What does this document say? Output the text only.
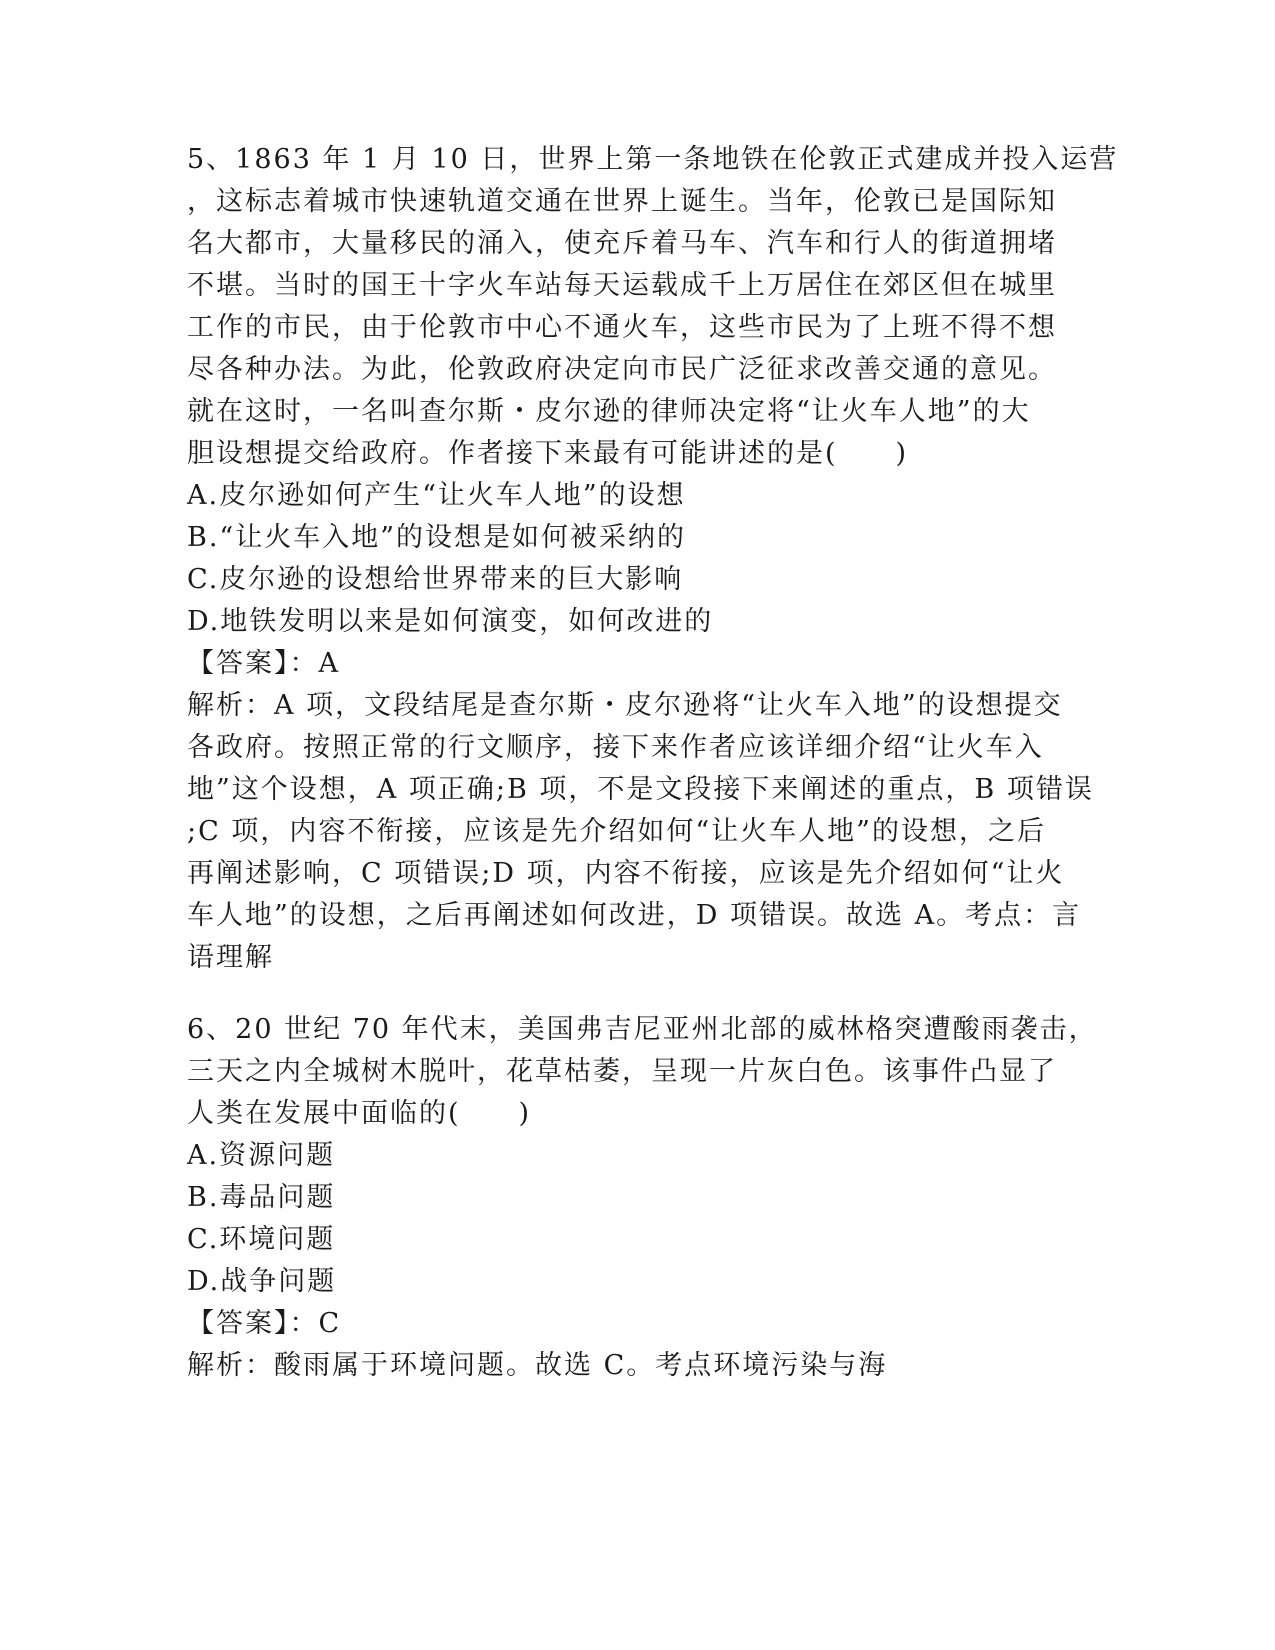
5、1863 年 1 月 10 日，世界上第一条地铁在伦敦正式建成并投入运营
，这标志着城市快速轨道交通在世界上诞生。当年，伦敦已是国际知
名大都市，大量移民的涌入，使充斥着马车、汽车和行人的街道拥堵
不堪。当时的国王十字火车站每天运载成千上万居住在郊区但在城里
工作的市民，由于伦敦市中心不通火车，这些市民为了上班不得不想
尽各种办法。为此，伦敦政府决定向市民广泛征求改善交通的意见。
就在这时，一名叫查尔斯・皮尔逊的律师决定将“让火车人地”的大
胆设想提交给政府。作者接下来最有可能讲述的是(　　)
A.皮尔逊如何产生“让火车人地”的设想
B.“让火车入地”的设想是如何被采纳的
C.皮尔逊的设想给世界带来的巨大影响
D.地铁发明以来是如何演变，如何改进的
【答案】：A
解析：A 项，文段结尾是查尔斯・皮尔逊将“让火车入地”的设想提交
各政府。按照正常的行文顺序，接下来作者应该详细介绍“让火车入
地”这个设想，A 项正确;B 项，不是文段接下来阐述的重点，B 项错误
;C 项，内容不衔接，应该是先介绍如何“让火车人地”的设想，之后
再阐述影响，C 项错误;D 项，内容不衔接，应该是先介绍如何“让火
车人地”的设想，之后再阐述如何改进，D 项错误。故选 A。考点：言
语理解
6、20 世纪 70 年代末，美国弗吉尼亚州北部的威林格突遭酸雨袭击，
三天之内全城树木脱叶，花草枯萎，呈现一片灰白色。该事件凸显了
人类在发展中面临的(　　)
A.资源问题
B.毒品问题
C.环境问题
D.战争问题
【答案】：C
解析：酸雨属于环境问题。故选 C。考点环境污染与海
